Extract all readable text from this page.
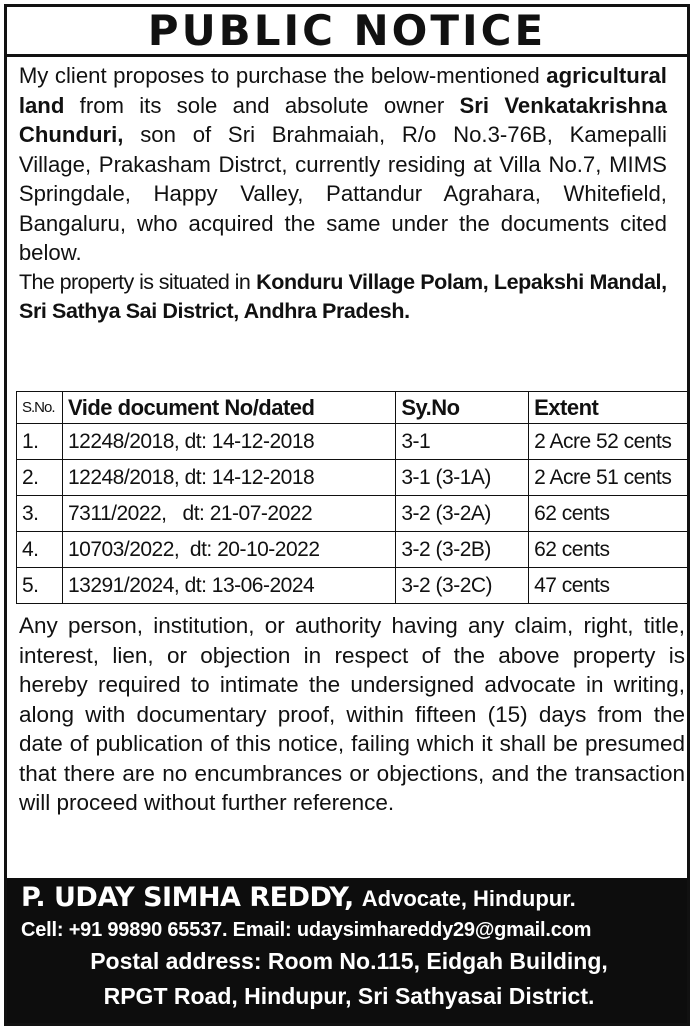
PUBLIC NOTICE
My client proposes to purchase the below-mentioned agricultural land from its sole and absolute owner Sri Venkatakrishna Chunduri, son of Sri Brahmaiah, R/o No.3-76B, Kamepalli Village, Prakasham Distrct, currently residing at Villa No.7, MIMS Springdale, Happy Valley, Pattandur Agrahara, Whitefield, Bangaluru, who acquired the same under the documents cited below.
The property is situated in Konduru Village Polam, Lepakshi Mandal, Sri Sathya Sai District, Andhra Pradesh.
S.No.	Vide document No/dated	Sy.No	Extent
1.	12248/2018, dt: 14-12-2018	3-1	2 Acre 52 cents
2.	12248/2018, dt: 14-12-2018	3-1 (3-1A)	2 Acre 51 cents
3.	7311/2022,   dt: 21-07-2022	3-2 (3-2A)	62 cents
4.	10703/2022,  dt: 20-10-2022	3-2 (3-2B)	62 cents
5.	13291/2024, dt: 13-06-2024	3-2 (3-2C)	47 cents
Any person, institution, or authority having any claim, right, title, interest, lien, or objection in respect of the above property is hereby required to intimate the undersigned advocate in writing, along with documentary proof, within fifteen (15) days from the date of publication of this notice, failing which it shall be presumed that there are no encumbrances or objections, and the transaction will proceed without further reference.
P. UDAY SIMHA REDDY, Advocate, Hindupur.
Cell: +91 99890 65537. Email: udaysimhareddy29@gmail.com
Postal address: Room No.115, Eidgah Building,
RPGT Road, Hindupur, Sri Sathyasai District.
